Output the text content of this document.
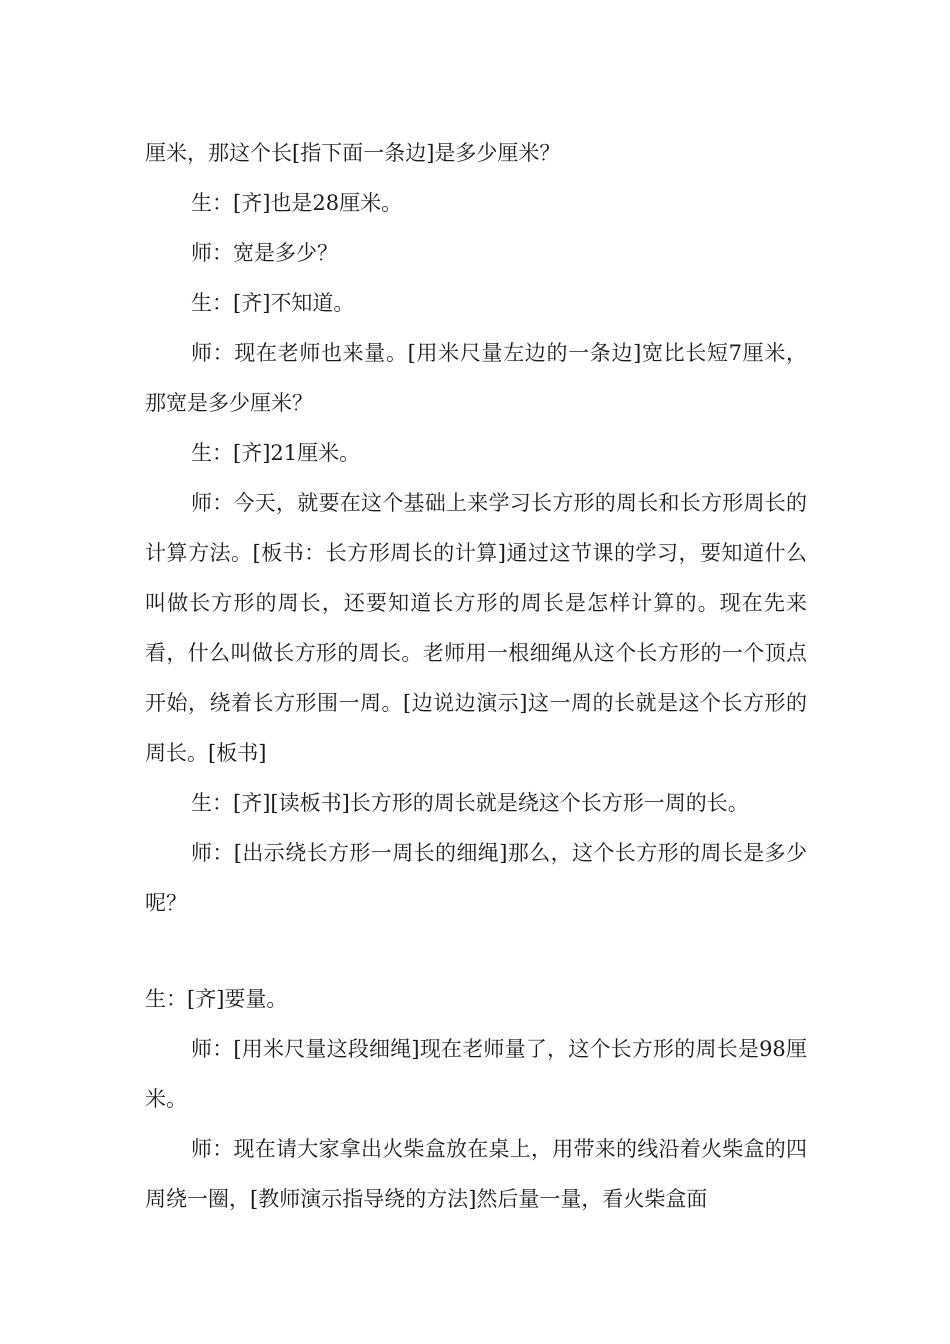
厘米，那这个长[指下面一条边]是多少厘米？

生：[齐]也是28厘米。

师：宽是多少？

生：[齐]不知道。

师：现在老师也来量。[用米尺量左边的一条边]宽比长短7厘米，那宽是多少厘米？

生：[齐]21厘米。

师：今天，就要在这个基础上来学习长方形的周长和长方形周长的计算方法。[板书：长方形周长的计算]通过这节课的学习，要知道什么叫做长方形的周长，还要知道长方形的周长是怎样计算的。现在先来看，什么叫做长方形的周长。老师用一根细绳从这个长方形的一个顶点开始，绕着长方形围一周。[边说边演示]这一周的长就是这个长方形的周长。[板书]

生：[齐][读板书]长方形的周长就是绕这个长方形一周的长。

师：[出示绕长方形一周长的细绳]那么，这个长方形的周长是多少呢？

生：[齐]要量。

师：[用米尺量这段细绳]现在老师量了，这个长方形的周长是98厘米。

师：现在请大家拿出火柴盒放在桌上，用带来的线沿着火柴盒的四周绕一圈，[教师演示指导绕的方法]然后量一量，看火柴盒面
